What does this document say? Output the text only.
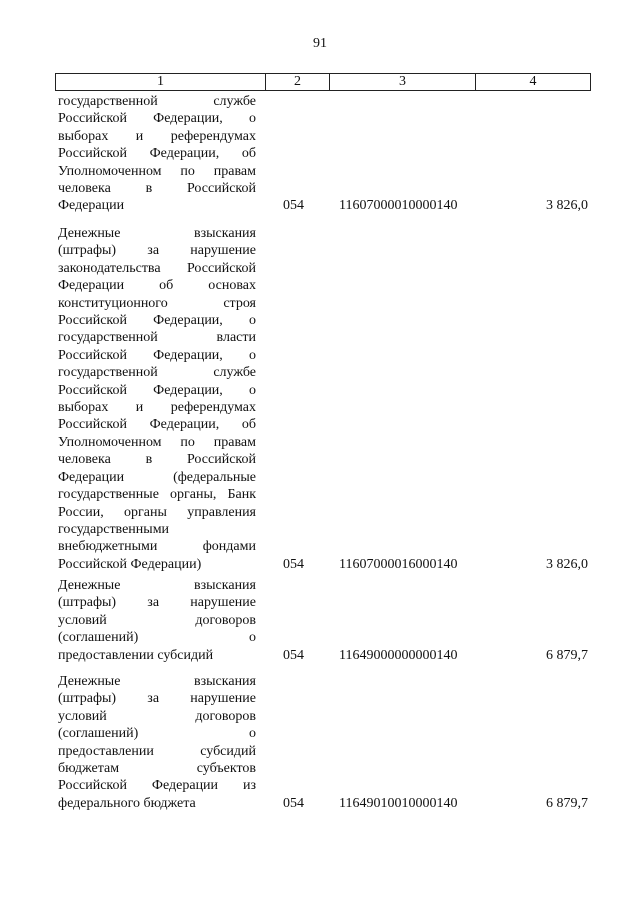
91
1	2	3	4
государственной службе
Российской Федерации, о
выборах и референдумах
Российской Федерации, об
Уполномоченном по правам
человека в Российской
Федерации	054	11607000010000140	3 826,0
Денежные взыскания
(штрафы) за нарушение
законодательства Российской
Федерации об основах
конституционного строя
Российской Федерации, о
государственной власти
Российской Федерации, о
государственной службе
Российской Федерации, о
выборах и референдумах
Российской Федерации, об
Уполномоченном по правам
человека в Российской
Федерации (федеральные
государственные органы, Банк
России, органы управления
государственными
внебюджетными фондами
Российской Федерации)	054	11607000016000140	3 826,0
Денежные взыскания
(штрафы) за нарушение
условий договоров
(соглашений) о
предоставлении субсидий	054	11649000000000140	6 879,7
Денежные взыскания
(штрафы) за нарушение
условий договоров
(соглашений) о
предоставлении субсидий
бюджетам субъектов
Российской Федерации из
федерального бюджета	054	11649010010000140	6 879,7
